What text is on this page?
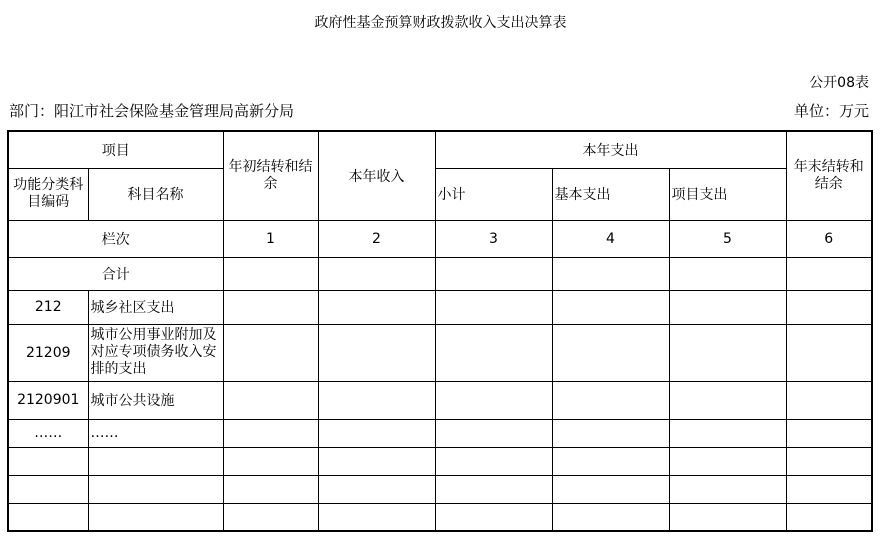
政府性基金预算财政拨款收入支出决算表
公开08表
部门：阳江市社会保险基金管理局高新分局	单位：万元
项目		年初结转和结余	本年收入	本年支出			年末结转和结余
功能分类科目编码	科目名称			小计	基本支出	项目支出	
栏次		1	2	3	4	5	6
合计							
212	城乡社区支出						
21209	城市公用事业附加及对应专项债务收入安排的支出						
2120901	城市公共设施						
……	……						
